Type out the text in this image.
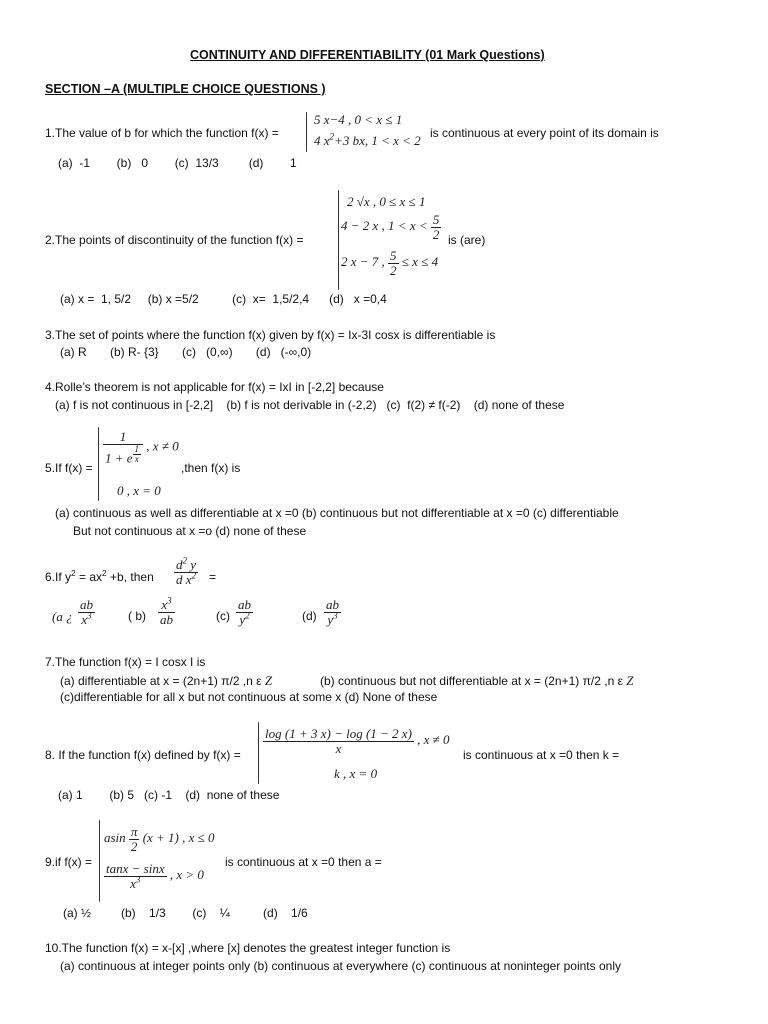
CONTINUITY AND DIFFERENTIABILITY (01 Mark Questions)
SECTION –A (MULTIPLE CHOICE QUESTIONS )
1.The value of b for which the function f(x) =
5 x−4 , 0 < x ≤ 1
4 $x^2+3$ bx, 1 < x < 2 is continuous at every point of its domain is
(a)  -1        (b)   0        (c)  13/3         (d)        1
2 √x , 0 ≤ x ≤ 1
4 − 2 x , $1 < x < \frac{5}{2}$
2.The points of discontinuity of the function f(x) =	is (are)
2 x − 7 , $\frac{5}{2} \le x \le 4$
(a) x =  1, 5/2     (b) x =5/2          (c)  x=  1,5/2,4      (d)   x =0,4
3.The set of points where the function f(x) given by f(x) = Ix-3I cosx is differentiable is
(a) R       (b) R- {3}       (c)   (0,∞)       (d)   (-∞,0)
4.Rolle’s theorem is not applicable for f(x) = IxI in [-2,2] because
(a) f is not continuous in [-2,2]    (b) f is not derivable in (-2,2)   (c)  f(2) ≠ f(-2)    (d) none of these
1
1 + e $^{\frac{1}{x}}$ , x ≠ 0
5.If f(x) =	,then f(x) is
0 , x = 0
(a) continuous as well as differentiable at x =0 (b) continuous but not differentiable at x =0 (c) differentiable
But not continuous at x =o (d) none of these
6.If $y^2 = ax^2 +b$, then $\frac{d^2 y}{d x^2}$ =
(a ¿ $\frac{ab}{x^3}$	( $b) \frac{x^3}{ab}$	$(c) \frac{ab}{y^2}$	$(d) \frac{ab}{y^3}$
7.The function f(x) = I cosx I is
(a) differentiable at x = (2n+1) π/2 ,n ε Z	(b) continuous but not differentiable at x = (2n+1) π/2 ,n ε Z
(c)differentiable for all x but not continuous at some x (d) None of these
$\frac{\log (1 + 3 x) - \log (1 - 2 x)}{x}$ , x ≠ 0
8. If the function f(x) defined by f(x) =	is continuous at x =0 then k =
k , x = 0
(a) 1        (b) 5   (c) -1    (d)  none of these
asin $\frac{\pi}{2} (x + 1)$ , x ≤ 0
9.if f(x) =	is continuous at x =0 then a =
$\frac{\tan x - \sin x}{x^3}$ , x > 0
(a) ½         (b)    1/3        (c)    ¼          (d)    1/6
10.The function f(x) = x-[x] ,where [x] denotes the greatest integer function is
(a) continuous at integer points only (b) continuous at everywhere (c) continuous at noninteger points only
